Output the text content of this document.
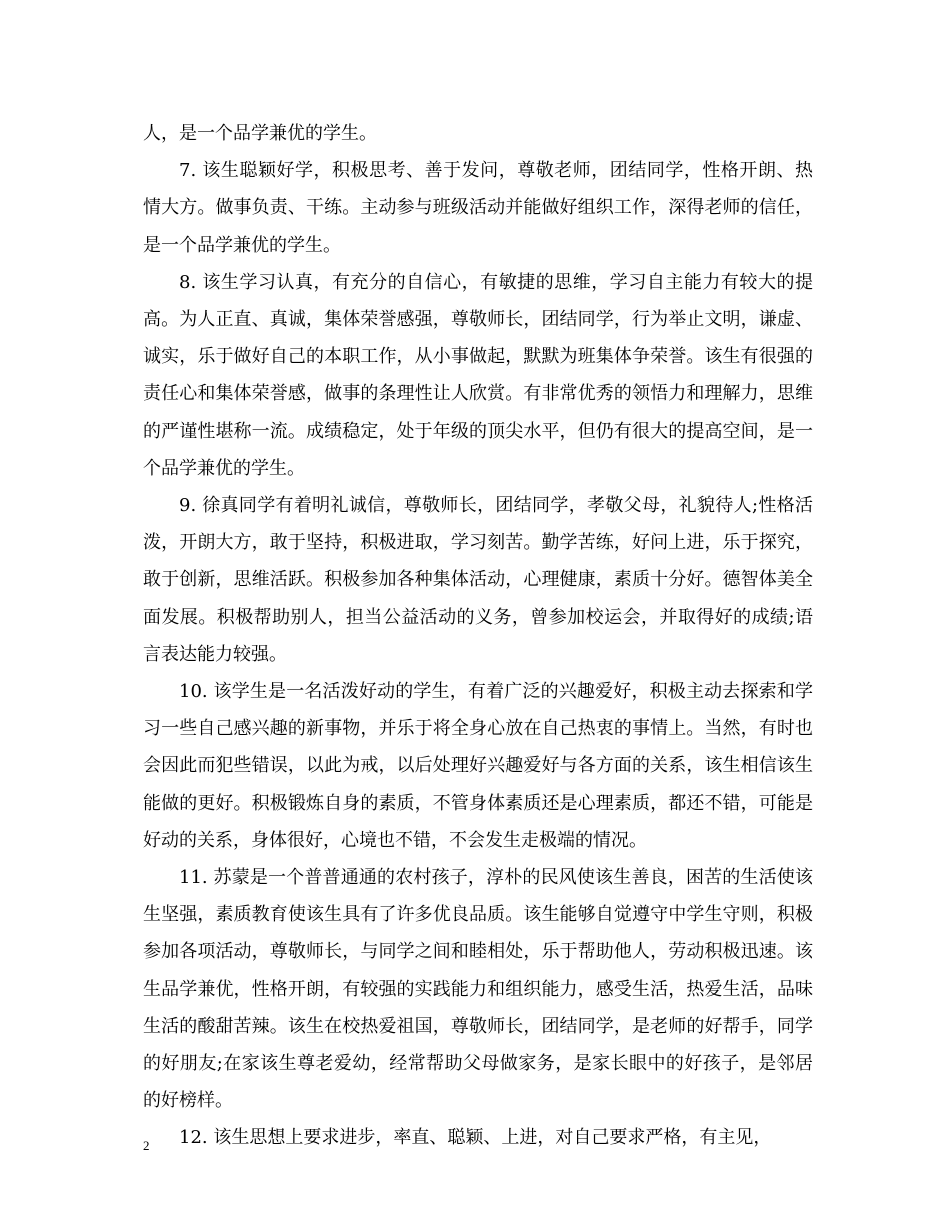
人，是一个品学兼优的学生。

7. 该生聪颖好学，积极思考、善于发问，尊敬老师，团结同学，性格开朗、热情大方。做事负责、干练。主动参与班级活动并能做好组织工作，深得老师的信任，是一个品学兼优的学生。

8. 该生学习认真，有充分的自信心，有敏捷的思维，学习自主能力有较大的提高。为人正直、真诚，集体荣誉感强，尊敬师长，团结同学，行为举止文明，谦虚、诚实，乐于做好自己的本职工作，从小事做起，默默为班集体争荣誉。该生有很强的责任心和集体荣誉感，做事的条理性让人欣赏。有非常优秀的领悟力和理解力，思维的严谨性堪称一流。成绩稳定，处于年级的顶尖水平，但仍有很大的提高空间，是一个品学兼优的学生。

9. 徐真同学有着明礼诚信，尊敬师长，团结同学，孝敬父母，礼貌待人;性格活泼，开朗大方，敢于坚持，积极进取，学习刻苦。勤学苦练，好问上进，乐于探究，敢于创新，思维活跃。积极参加各种集体活动，心理健康，素质十分好。德智体美全面发展。积极帮助别人，担当公益活动的义务，曾参加校运会，并取得好的成绩;语言表达能力较强。

10. 该学生是一名活泼好动的学生，有着广泛的兴趣爱好，积极主动去探索和学习一些自己感兴趣的新事物，并乐于将全身心放在自己热衷的事情上。当然，有时也会因此而犯些错误，以此为戒，以后处理好兴趣爱好与各方面的关系，该生相信该生能做的更好。积极锻炼自身的素质，不管身体素质还是心理素质，都还不错，可能是好动的关系，身体很好，心境也不错，不会发生走极端的情况。

11. 苏蒙是一个普普通通的农村孩子，淳朴的民风使该生善良，困苦的生活使该生坚强，素质教育使该生具有了许多优良品质。该生能够自觉遵守中学生守则，积极参加各项活动，尊敬师长，与同学之间和睦相处，乐于帮助他人，劳动积极迅速。该生品学兼优，性格开朗，有较强的实践能力和组织能力，感受生活，热爱生活，品味生活的酸甜苦辣。该生在校热爱祖国，尊敬师长，团结同学，是老师的好帮手，同学的好朋友;在家该生尊老爱幼，经常帮助父母做家务，是家长眼中的好孩子，是邻居的好榜样。

12. 该生思想上要求进步，率直、聪颖、上进，对自己要求严格，有主见，

2
